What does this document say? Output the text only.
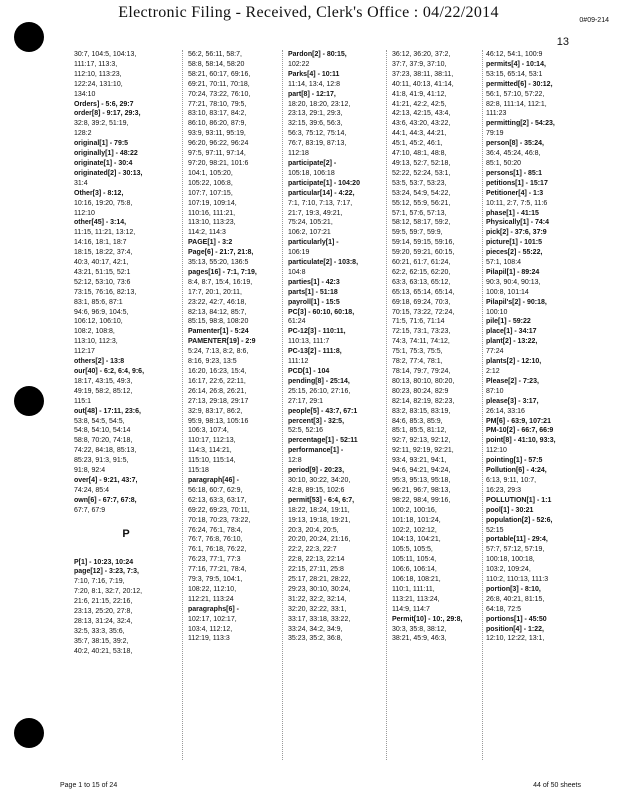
Electronic Filing - Received, Clerk's Office : 04/22/2014	0#09-214
13
30:7, 104:5, 104:13,
111:17, 113:3,
112:10, 113:23,
122:24, 131:10,
134:10
Orders] - 5:6, 29:7
order[8] - 9:17, 29:3,
32:8, 39:2, 51:19,
128:2
original[1] - 79:5
originally[1] - 48:22
originate[1] - 30:4
originated[2] - 30:13,
31:4
Other[3] - 8:12,
10:16, 19:20, 75:8,
112:10
other[45] - 3:14,
11:15, 11:21, 13:12,
14:16, 18:1, 18:7
18:15, 18:22, 37:4,
40:3, 40:17, 42:1,
43:21, 51:15, 52:1
52:12, 53:10, 73:6
73:15, 76:16, 82:13,
83:1, 85:6, 87:1
94:6, 96:9, 104:5,
106:12, 106:10,
108:2, 108:8,
113:10, 112:3,
112:17
others[2] - 13:8
our[40] - 6:2, 6:4, 9:6,
18:17, 43:15, 49:3,
49:19, 58:2, 85:12,
115:1
out[48] - 17:11, 23:6,
53:8, 54:5, 54:5,
54:8, 54:10, 54:14
58:8, 70:20, 74:18,
74:22, 84:18, 85:13,
85:23, 91:3, 91:5,
91:8, 92:4
over[4] - 9:21, 43:7,
74:24, 85:4
own[6] - 67:7, 67:8,
67:7, 67:9
P
P[1] - 10:23, 10:24
page[12] - 3:23, 7:3,
7:10, 7:16, 7:19,
7:20, 8:1, 32:7, 20:12,
21:6, 21:15, 22:16,
23:13, 25:20, 27:8,
28:13, 31:24, 32:4,
32:5, 33:3, 35:6,
35:7, 38:15, 39:2,
40:2, 40:21, 53:18,
56:2, 56:11, 58:7,
58:8, 58:14, 58:20
58:21, 60:17, 69:16,
69:21, 70:11, 70:18,
70:24, 73:22, 76:10,
77:21, 78:10, 79:5,
83:10, 83:17, 84:2,
86:10, 86:20, 87:9,
93:9, 93:11, 95:19,
96:20, 96:22, 96:24
97:5, 97:11, 97:14,
97:20, 98:21, 101:6
104:1, 105:20,
105:22, 106:8,
107:7, 107:15,
107:19, 109:14,
110:16, 111:21,
113:10, 113:23,
114:2, 114:3
PAGE[1] - 3:2
Page[6] - 21:7, 21:8,
35:13, 55:20, 136:5
pages[16] - 7:1, 7:19,
8:4, 8:7, 15:4, 16:19,
17:7, 20:1, 20:11,
23:22, 42:7, 46:18,
82:13, 84:12, 85:7,
85:15, 98:8, 108:20
Pamenter[1] - 5:24
PAMENTER[19] - 2:9
5:24, 7:13, 8:2, 8:6,
8:16, 9:23, 13:5
16:20, 16:23, 15:4,
16:17, 22:6, 22:11,
26:14, 26:8, 26:21,
27:13, 29:18, 29:17
32:9, 83:17, 86:2,
95:9, 98:13, 105:16
106:3, 107:4,
110:17, 112:13,
114:3, 114:21,
115:10, 115:14,
115:18
paragraph[46] -
56:18, 60:7, 62:9,
62:13, 63:3, 63:17,
69:22, 69:23, 70:11,
70:18, 70:23, 73:22,
76:24, 76:1, 78:4,
76:7, 76:8, 76:10,
76:1, 76:18, 76:22,
76:23, 77:1, 77:3
77:16, 77:21, 78:4,
79:3, 79:5, 104:1,
108:22, 112:10,
112:21, 113:24
paragraphs[6] -
102:17, 102:17,
103:4, 112:12,
112:19, 113:3
Pardon[2] - 80:15,
102:22
Parks[4] - 10:11
11:14, 13:4, 12:8
part[8] - 12:17,
18:20, 18:20, 23:12,
23:13, 29:1, 29:3,
32:15, 39:6, 56:3,
56:3, 75:12, 75:14,
76:7, 83:19, 87:13,
112:18
participate[2] -
105:18, 106:18
participate[1] - 104:20
particular[14] - 4:22,
7:1, 7:10, 7:13, 7:17,
21:7, 19:3, 49:21,
75:24, 105:21,
106:2, 107:21
particularly[1] -
106:19
particulate[2] - 103:8,
104:8
parties[1] - 42:3
parts[1] - 51:18
payroll[1] - 15:5
PC[3] - 60:10, 60:18,
61:24
PC-12[3] - 110:11,
110:13, 111:7
PC-13[2] - 111:8,
111:12
PCD[1] - 104
pending[8] - 25:14,
25:15, 26:10, 27:16,
27:17, 29:1
people[5] - 43:7, 67:1
percent[3] - 32:5,
52:5, 52:16
percentage[1] - 52:11
performance[1] -
12:8
period[9] - 20:23,
30:10, 30:22, 34:20,
42:8, 89:15, 102:6
permit[53] - 6:4, 6:7,
18:22, 18:24, 19:11,
19:13, 19:18, 19:21,
20:3, 20:4, 20:5,
20:20, 20:24, 21:16,
22:2, 22:3, 22:7
22:8, 22:13, 22:14
22:15, 27:11, 25:8
25:17, 28:21, 28:22,
29:23, 30:10, 30:24,
31:22, 32:2, 32:14,
32:20, 32:22, 33:1,
33:17, 33:18, 33:22,
33:24, 34:2, 34:9,
35:23, 35:2, 36:8,
36:12, 36:20, 37:2,
37:7, 37:9, 37:10,
37:23, 38:11, 38:11,
40:11, 40:13, 41:14,
41:8, 41:9, 41:12,
41:21, 42:2, 42:5,
42:13, 42:15, 43:4,
43:6, 43:20, 43:22,
44:1, 44:3, 44:21,
45:1, 45:2, 46:1,
47:10, 48:1, 48:8,
49:13, 52:7, 52:18,
52:22, 52:24, 53:1,
53:5, 53:7, 53:23,
53:24, 54:9, 54:22,
55:12, 55:9, 56:21,
57:1, 57:6, 57:13,
58:12, 58:17, 59:2,
59:5, 59:7, 59:9,
59:14, 59:15, 59:16,
59:20, 59:21, 60:15,
60:21, 61:7, 61:24,
62:2, 62:15, 62:20,
63:3, 63:13, 65:12,
65:13, 65:14, 65:14,
69:18, 69:24, 70:3,
70:15, 73:22, 72:24,
71:5, 71:6, 71:14
72:15, 73:1, 73:23,
74:3, 74:11, 74:12,
75:1, 75:3, 75:5,
78:2, 77:4, 78:1,
78:14, 79:7, 79:24,
80:13, 80:10, 80:20,
80:23, 80:24, 82:9
82:14, 82:19, 82:23,
83:2, 83:15, 83:19,
84:6, 85:3, 85:9,
85:1, 85:5, 81:12,
92:7, 92:13, 92:12,
92:11, 92:19, 92:21,
93:4, 93:21, 94:1,
94:6, 94:21, 94:24,
95:3, 95:13, 95:18,
96:21, 96:7, 98:13,
98:22, 98:4, 99:16,
100:2, 100:16,
101:18, 101:24,
102:2, 102:12,
104:13, 104:21,
105:5, 105:5,
105:11, 105:4,
106:6, 106:14,
106:18, 108:21,
110:1, 111:11,
113:21, 113:24,
114:9, 114:7
Permit[10] - 10:, 29:8,
30:3, 35:8, 38:12,
38:21, 45:9, 46:3,
46:12, 54:1, 100:9
permits[4] - 10:14,
53:15, 65:14, 53:1
permitted[6] - 30:12,
56:1, 57:10, 57:22,
82:8, 111:14, 112:1,
111:23
permitting[2] - 54:23,
79:19
person[8] - 35:24,
36:4, 45:24, 46:8,
85:1, 50:20
persons[1] - 85:1
petitions[1] - 15:17
Petitioner[4] - 1:3
10:11, 2:7, 7:5, 11:6
phase[1] - 41:15
Physically[1] - 74:4
pick[2] - 37:6, 37:9
picture[1] - 101:5
pieces[2] - 55:22,
57:1, 108:4
Pilapil[1] - 89:24
90:3, 90:4, 90:13,
100:8, 101:14
Pilapil's[2] - 90:18,
100:10
pile[1] - 59:22
place[1] - 34:17
plant[2] - 13:22,
77:24
plants[2] - 12:10,
2:12
Please[2] - 7:23,
87:10
please[3] - 3:17,
26:14, 33:16
PM[6] - 63:9, 107:21
PM-10[2] - 66:7, 66:9
point[8] - 41:10, 93:3,
112:10
pointing[1] - 57:5
Pollution[6] - 4:24,
6:13, 9:11, 10:7,
16:23, 29:3
POLLUTION[1] - 1:1
pool[1] - 30:21
population[2] - 52:6,
52:15
portable[11] - 29:4,
57:7, 57:12, 57:19,
100:18, 100:18,
103:2, 109:24,
110:2, 110:13, 111:3
portion[3] - 8:10,
26:8, 40:21, 81:15,
64:18, 72:5
portions[1] - 45:50
position[4] - 1:22,
12:10, 12:22, 13:1,
Page 1 to 15 of 24	44 of 50 sheets
